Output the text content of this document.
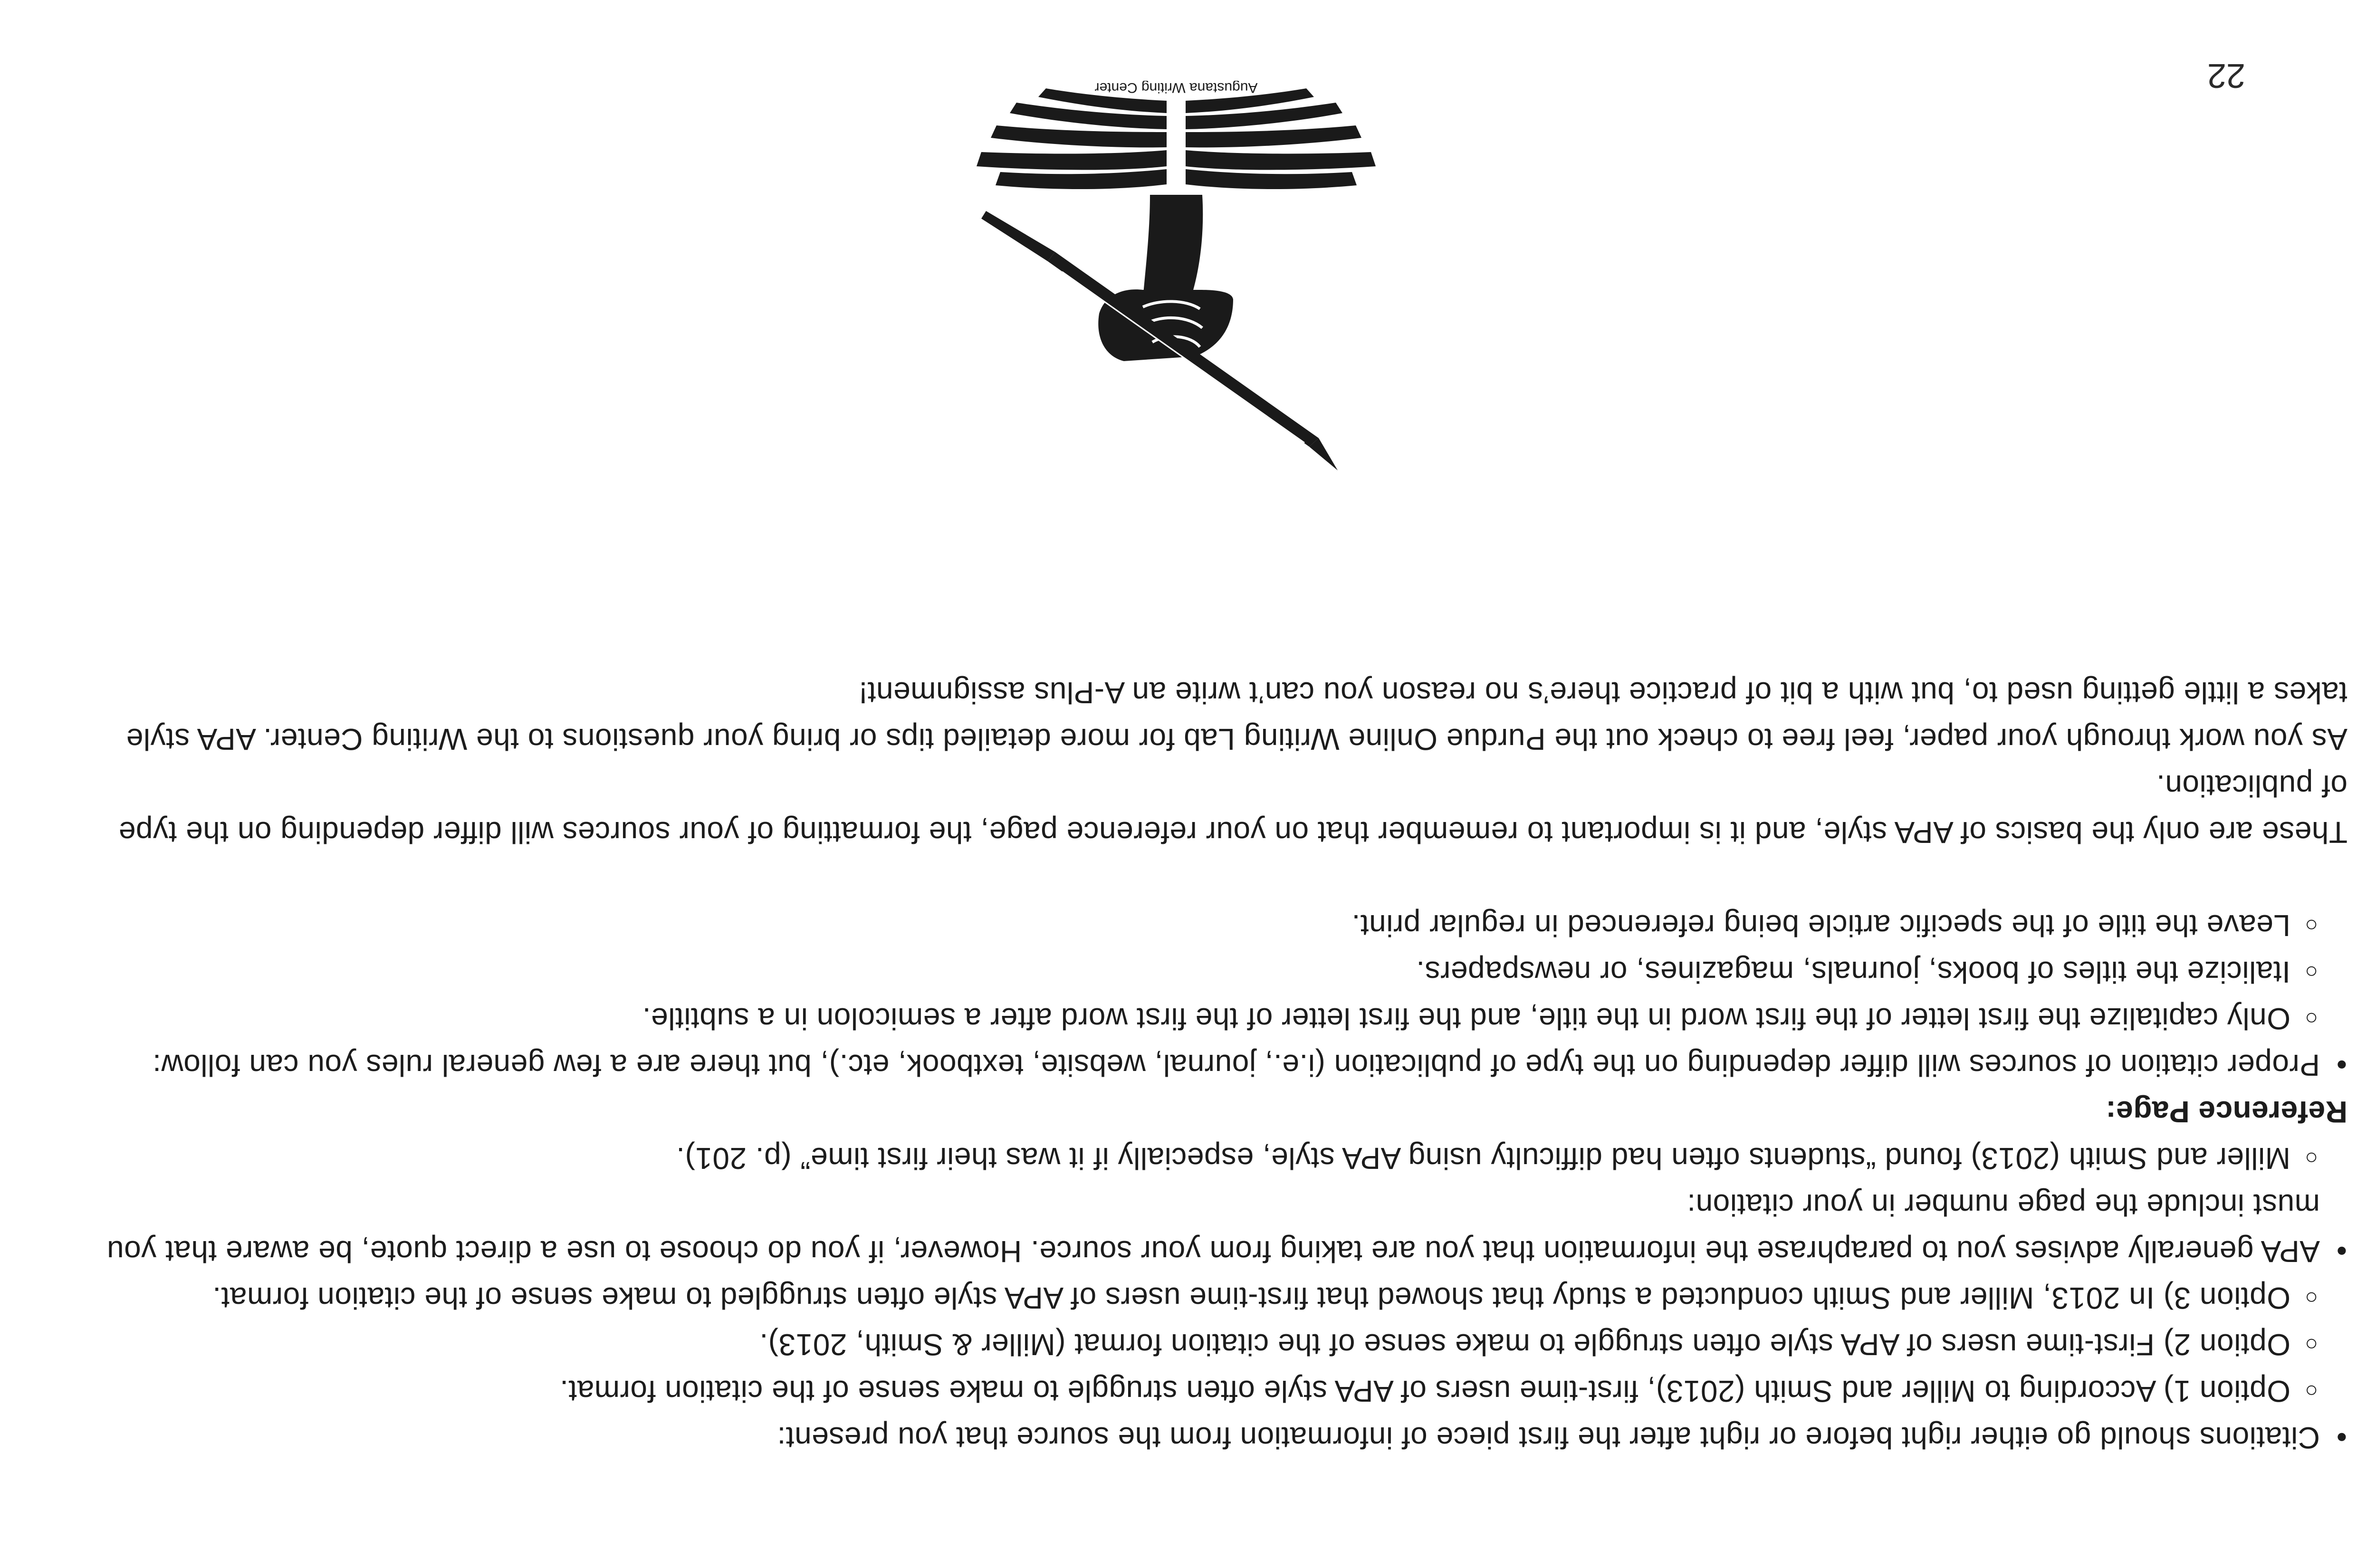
22
Augustana Writing Center
● Citations should go either right before or right after the first piece of information from the source that you present:
○ Option 1) According to Miller and Smith (2013), first-time users of APA style often struggle to make sense of the citation format.
○ Option 2) First-time users of APA style often struggle to make sense of the citation format (Miller & Smith, 2013).
○ Option 3) In 2013, Miller and Smith conducted a study that showed that first-time users of APA style often struggled to make sense of the citation format.
● APA generally advises you to paraphrase the information that you are taking from your source. However, if you do choose to use a direct quote, be aware that you must include the page number in your citation:
○ Miller and Smith (2013) found “students often had difficulty using APA style, especially if it was their first time” (p. 201).
Reference Page:
● Proper citation of sources will differ depending on the type of publication (i.e., journal, website, textbook, etc.), but there are a few general rules you can follow:
○ Only capitalize the first letter of the first word in the title, and the first letter of the first word after a semicolon in a subtitle.
○ Italicize the titles of books, journals, magazines, or newspapers.
○ Leave the title of the specific article being referenced in regular print.
These are only the basics of APA style, and it is important to remember that on your reference page, the formatting of your sources will differ depending on the type of publication.
As you work through your paper, feel free to check out the Purdue Online Writing Lab for more detailed tips or bring your questions to the Writing Center. APA style takes a little getting used to, but with a bit of practice there’s no reason you can’t write an A-Plus assignment!
